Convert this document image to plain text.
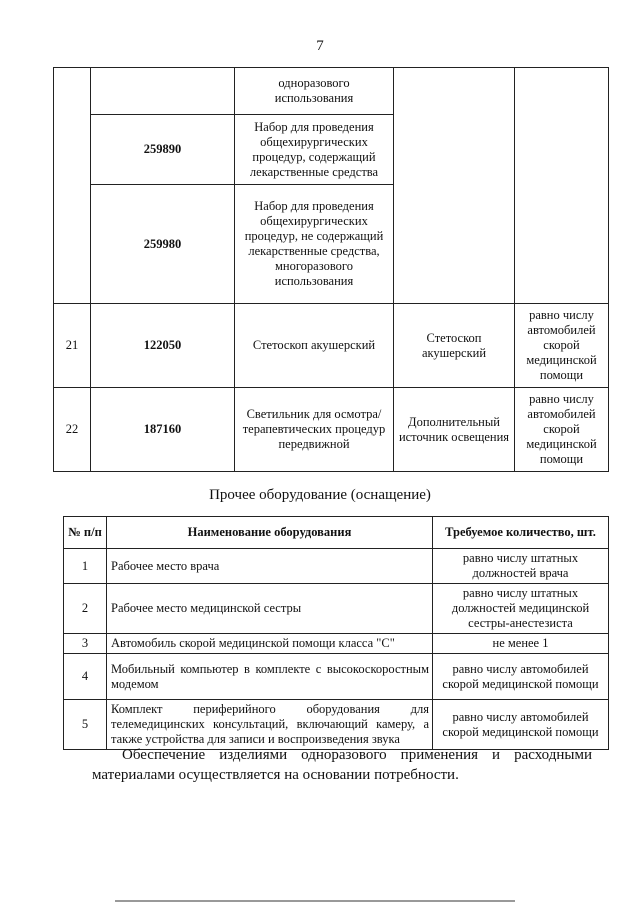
7
		одноразового использования		
	259890	Набор для проведения общехирургических процедур, содержащий лекарственные средства		
	259980	Набор для проведения общехирургических процедур, не содержащий лекарственные средства, многоразового использования		
21	122050	Стетоскоп акушерский	Стетоскоп акушерский	равно числу автомобилей скорой медицинской помощи
22	187160	Светильник для осмотра/терапевтических процедур передвижной	Дополнительный источник освещения	равно числу автомобилей скорой медицинской помощи
Прочее оборудование (оснащение)
№ п/п	Наименование оборудования	Требуемое количество, шт.
1	Рабочее место врача	равно числу штатных должностей врача
2	Рабочее место медицинской сестры	равно числу штатных должностей медицинской сестры-анестезиста
3	Автомобиль скорой медицинской помощи класса "С"	не менее 1
4	Мобильный компьютер в комплекте с высокоскоростным модемом	равно числу автомобилей скорой медицинской помощи
5	Комплект периферийного оборудования для телемедицинских консультаций, включающий камеру, а также устройства для записи и воспроизведения звука	равно числу автомобилей скорой медицинской помощи
Обеспечение изделиями одноразового применения и расходными материалами осуществляется на основании потребности.
